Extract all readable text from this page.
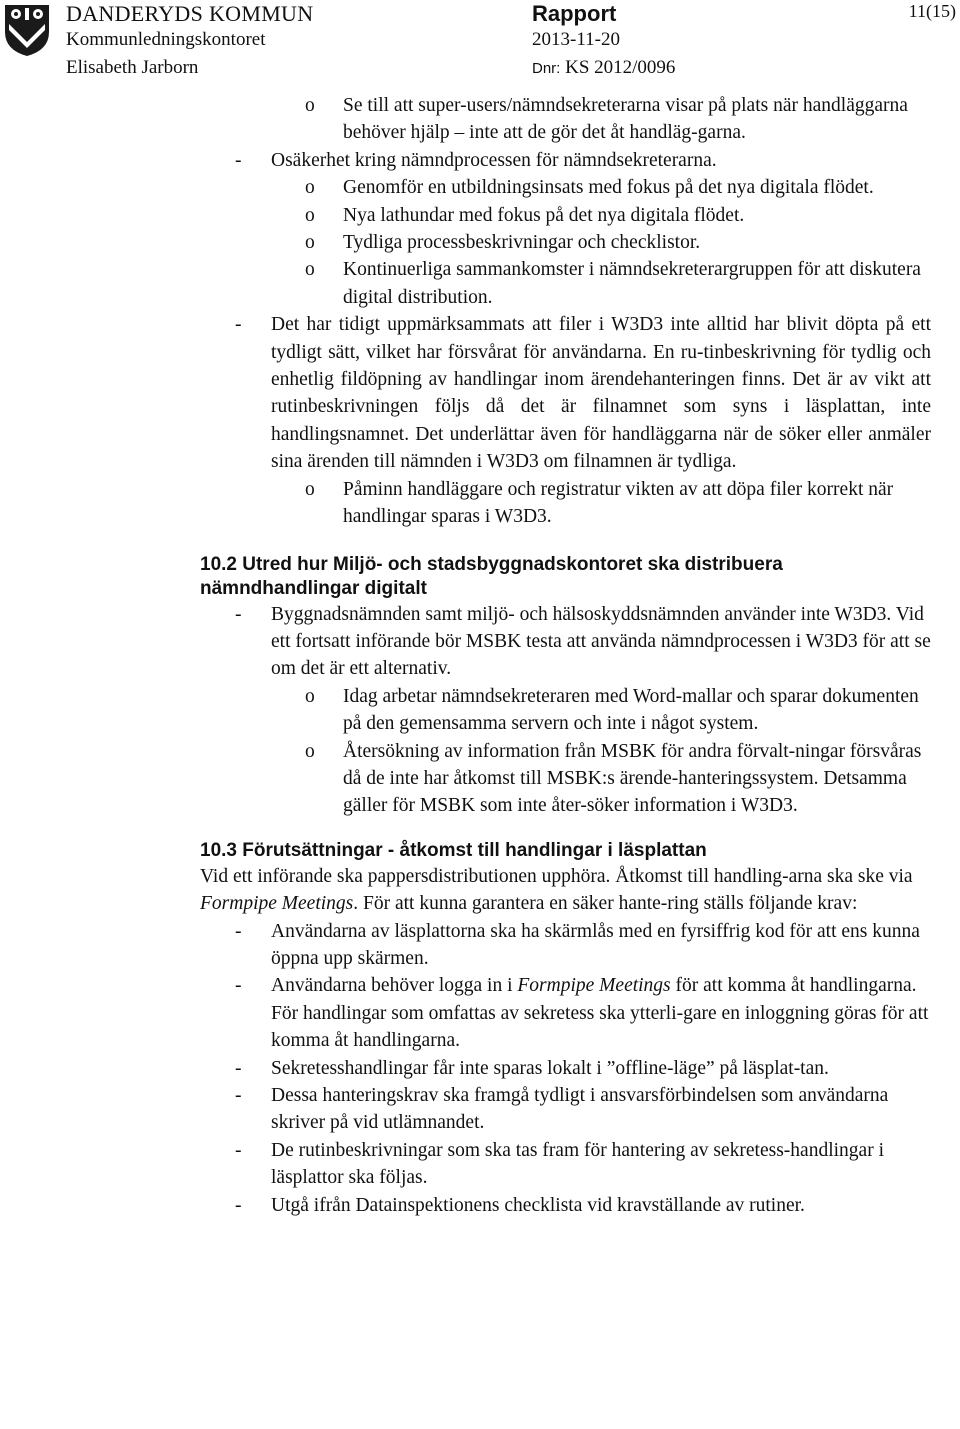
DANDERYDS KOMMUN
Kommunledningskontoret
Elisabeth Jarborn
Rapport
2013-11-20
Dnr: KS 2012/0096
11(15)
o Se till att super-users/nämndsekreterarna visar på plats när handläggarna behöver hjälp – inte att de gör det åt handläg-garna.
- Osäkerhet kring nämndprocessen för nämndsekreterarna.
o Genomför en utbildningsinsats med fokus på det nya digitala flödet.
o Nya lathundar med fokus på det nya digitala flödet.
o Tydliga processbeskrivningar och checklistor.
o Kontinuerliga sammankomster i nämndsekreterargruppen för att diskutera digital distribution.
- Det har tidigt uppmärksammats att filer i W3D3 inte alltid har blivit döpta på ett tydligt sätt, vilket har försvårat för användarna. En ru-tinbeskrivning för tydlig och enhetlig fildöpning av handlingar inom ärendehanteringen finns. Det är av vikt att rutinbeskrivningen följs då det är filnamnet som syns i läsplattan, inte handlingsnamnet. Det underlättar även för handläggarna när de söker eller anmäler sina ärenden till nämnden i W3D3 om filnamnen är tydliga.
o Påminn handläggare och registratur vikten av att döpa filer korrekt när handlingar sparas i W3D3.
10.2 Utred hur Miljö- och stadsbyggnadskontoret ska distribuera nämndhandlingar digitalt
- Byggnadsnämnden samt miljö- och hälsoskyddsnämnden använder inte W3D3. Vid ett fortsatt införande bör MSBK testa att använda nämndprocessen i W3D3 för att se om det är ett alternativ.
o Idag arbetar nämndsekreteraren med Word-mallar och sparar dokumenten på den gemensamma servern och inte i något system.
o Återsökning av information från MSBK för andra förvalt-ningar försvåras då de inte har åtkomst till MSBK:s ärende-hanteringssystem. Detsamma gäller för MSBK som inte åter-söker information i W3D3.
10.3 Förutsättningar - åtkomst till handlingar i läsplattan
Vid ett införande ska pappersdistributionen upphöra. Åtkomst till handling-arna ska ske via Formpipe Meetings. För att kunna garantera en säker hante-ring ställs följande krav:
- Användarna av läsplattorna ska ha skärmlås med en fyrsiffrig kod för att ens kunna öppna upp skärmen.
- Användarna behöver logga in i Formpipe Meetings för att komma åt handlingarna. För handlingar som omfattas av sekretess ska ytterli-gare en inloggning göras för att komma åt handlingarna.
- Sekretesshandlingar får inte sparas lokalt i ”offline-läge” på läsplat-tan.
- Dessa hanteringskrav ska framgå tydligt i ansvarsförbindelsen som användarna skriver på vid utlämnandet.
- De rutinbeskrivningar som ska tas fram för hantering av sekretess-handlingar i läsplattor ska följas.
- Utgå ifrån Datainspektionens checklista vid kravställande av rutiner.
